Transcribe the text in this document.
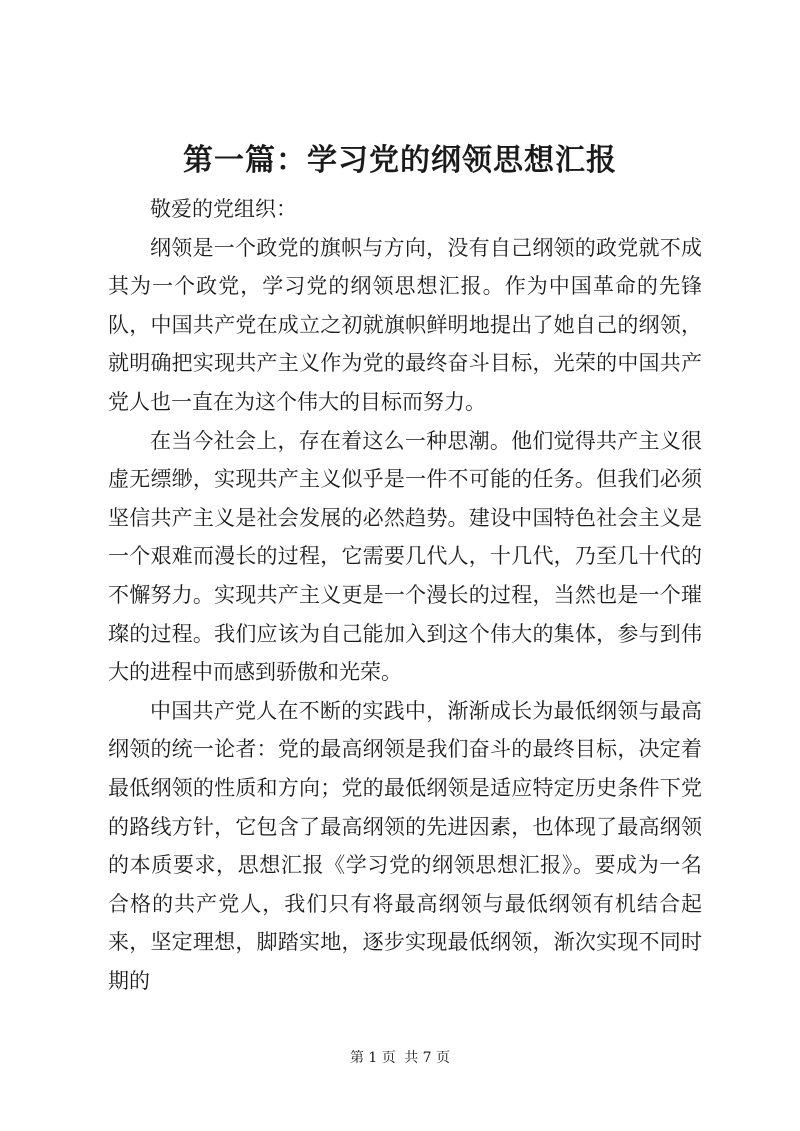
第一篇：学习党的纲领思想汇报

敬爱的党组织：

纲领是一个政党的旗帜与方向，没有自己纲领的政党就不成其为一个政党，学习党的纲领思想汇报。作为中国革命的先锋队，中国共产党在成立之初就旗帜鲜明地提出了她自己的纲领，就明确把实现共产主义作为党的最终奋斗目标，光荣的中国共产党人也一直在为这个伟大的目标而努力。

在当今社会上，存在着这么一种思潮。他们觉得共产主义很虚无缥缈，实现共产主义似乎是一件不可能的任务。但我们必须坚信共产主义是社会发展的必然趋势。建设中国特色社会主义是一个艰难而漫长的过程，它需要几代人，十几代，乃至几十代的不懈努力。实现共产主义更是一个漫长的过程，当然也是一个璀璨的过程。我们应该为自己能加入到这个伟大的集体，参与到伟大的进程中而感到骄傲和光荣。

中国共产党人在不断的实践中，渐渐成长为最低纲领与最高纲领的统一论者：党的最高纲领是我们奋斗的最终目标，决定着最低纲领的性质和方向；党的最低纲领是适应特定历史条件下党的路线方针，它包含了最高纲领的先进因素，也体现了最高纲领的本质要求，思想汇报《学习党的纲领思想汇报》。要成为一名合格的共产党人，我们只有将最高纲领与最低纲领有机结合起来，坚定理想，脚踏实地，逐步实现最低纲领，渐次实现不同时期的

第 1 页 共 7 页
